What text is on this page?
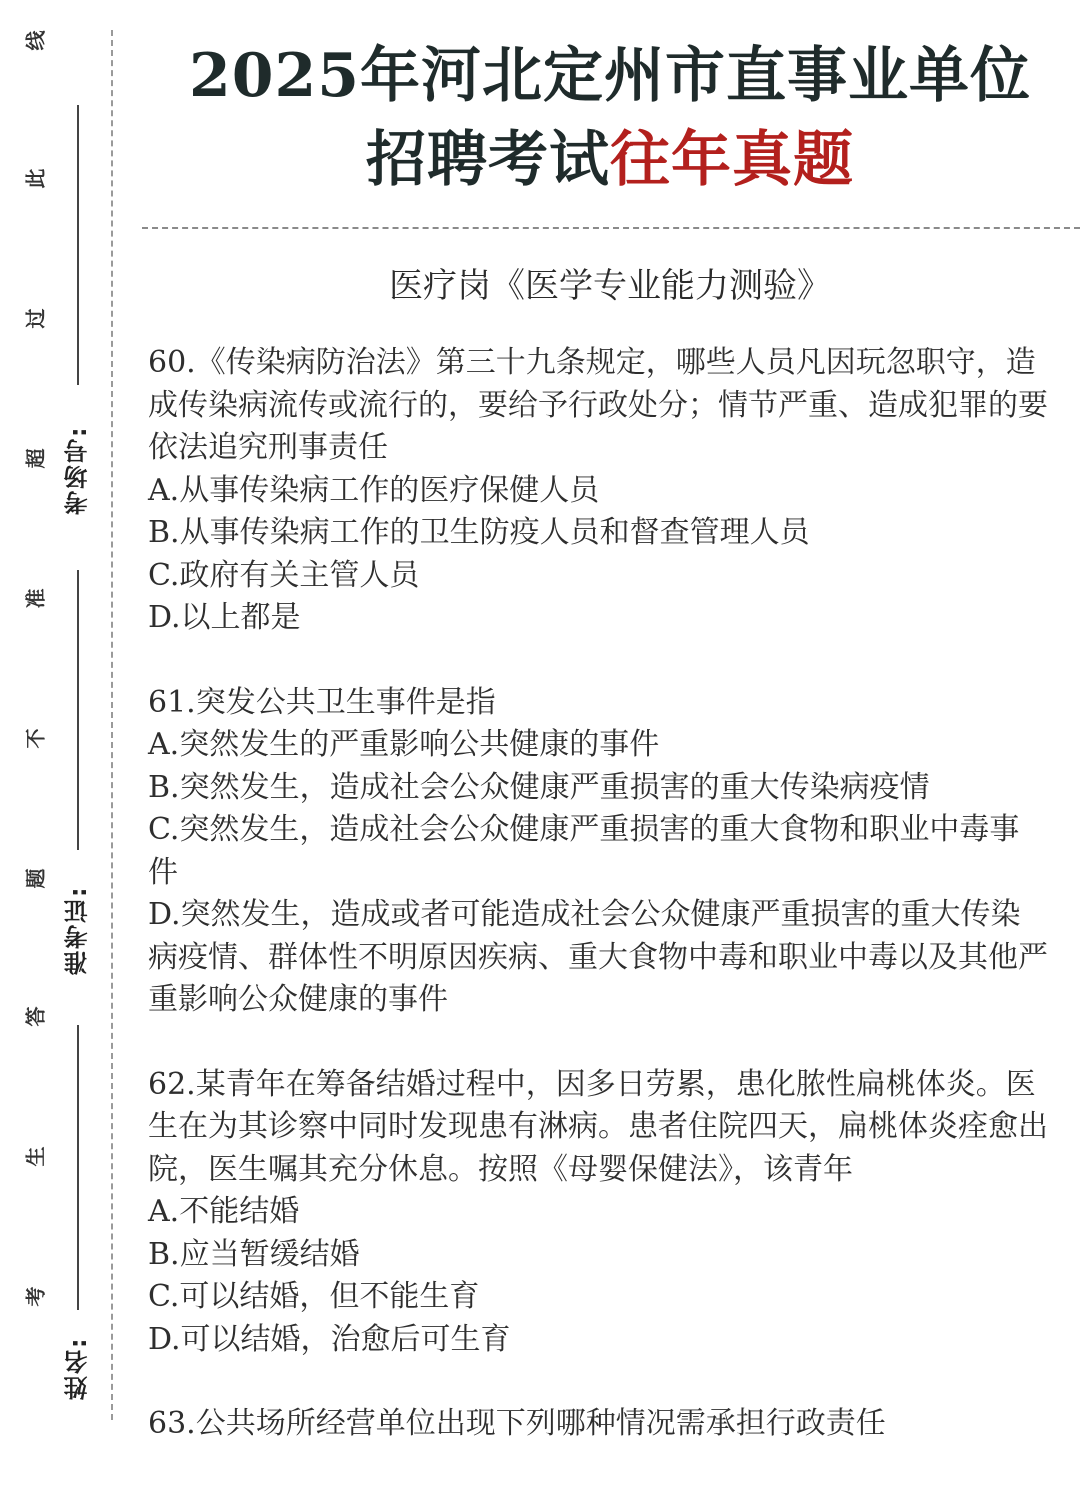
线
此
过
超
准
不
题
答
生
考
考场号:
准考证:
姓名:
2025年河北定州市直事业单位
招聘考试往年真题
医疗岗《医学专业能力测验》

60.《传染病防治法》第三十九条规定，哪些人员凡因玩忽职守，造成传染病流传或流行的，要给予行政处分；情节严重、造成犯罪的要依法追究刑事责任

A.从事传染病工作的医疗保健人员

B.从事传染病工作的卫生防疫人员和督查管理人员

C.政府有关主管人员

D.以上都是

61.突发公共卫生事件是指

A.突然发生的严重影响公共健康的事件

B.突然发生，造成社会公众健康严重损害的重大传染病疫情

C.突然发生，造成社会公众健康严重损害的重大食物和职业中毒事件

D.突然发生，造成或者可能造成社会公众健康严重损害的重大传染病疫情、群体性不明原因疾病、重大食物中毒和职业中毒以及其他严重影响公众健康的事件

62.某青年在筹备结婚过程中，因多日劳累，患化脓性扁桃体炎。医生在为其诊察中同时发现患有淋病。患者住院四天，扁桃体炎痊愈出院，医生嘱其充分休息。按照《母婴保健法》，该青年

A.不能结婚

B.应当暂缓结婚

C.可以结婚，但不能生育

D.可以结婚，治愈后可生育

63.公共场所经营单位出现下列哪种情况需承担行政责任
